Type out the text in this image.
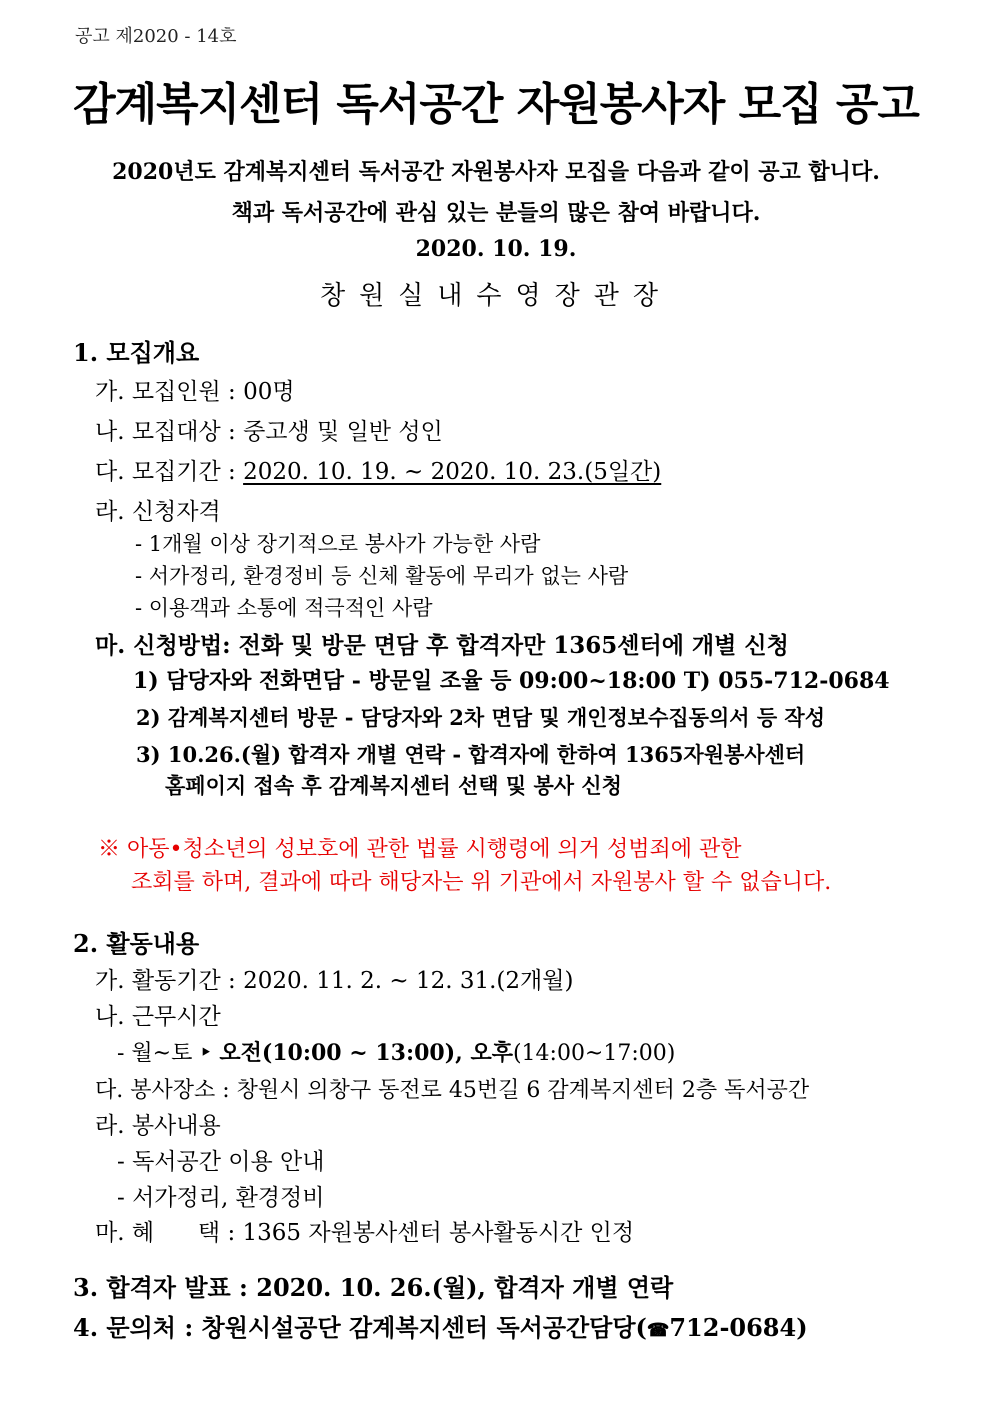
공고 제2020 - 14호
감계복지센터 독서공간 자원봉사자 모집 공고
2020년도 감계복지센터 독서공간 자원봉사자 모집을 다음과 같이 공고 합니다.
책과 독서공간에 관심 있는 분들의 많은 참여 바랍니다.
2020. 10. 19.
창원실내수영장관장
1. 모집개요
가. 모집인원 : 00명
나. 모집대상 : 중고생 및 일반 성인
다. 모집기간 : 2020. 10. 19. ~ 2020. 10. 23.(5일간)
라. 신청자격
- 1개월 이상 장기적으로 봉사가 가능한 사람
- 서가정리, 환경정비 등 신체 활동에 무리가 없는 사람
- 이용객과 소통에 적극적인 사람
마. 신청방법: 전화 및 방문 면담 후 합격자만 1365센터에 개별 신청
1) 담당자와 전화면담 - 방문일 조율 등 09:00~18:00 T) 055-712-0684
2) 감계복지센터 방문 - 담당자와 2차 면담 및 개인정보수집동의서 등 작성
3) 10.26.(월) 합격자 개별 연락 - 합격자에 한하여 1365자원봉사센터
홈페이지 접속 후 감계복지센터 선택 및 봉사 신청
※ 아동•청소년의 성보호에 관한 법률 시행령에 의거 성범죄에 관한
조회를 하며, 결과에 따라 해당자는 위 기관에서 자원봉사 할 수 없습니다.
2. 활동내용
가. 활동기간 : 2020. 11. 2. ~ 12. 31.(2개월)
나. 근무시간
- 월~토 ‣ 오전(10:00 ~ 13:00), 오후(14:00~17:00)
다. 봉사장소 : 창원시 의창구 동전로 45번길 6 감계복지센터 2층 독서공간
라. 봉사내용
- 독서공간 이용 안내
- 서가정리, 환경정비
마. 혜      택 : 1365 자원봉사센터 봉사활동시간 인정
3. 합격자 발표 : 2020. 10. 26.(월), 합격자 개별 연락
4. 문의처 : 창원시설공단 감계복지센터 독서공간담당(☎712-0684)
